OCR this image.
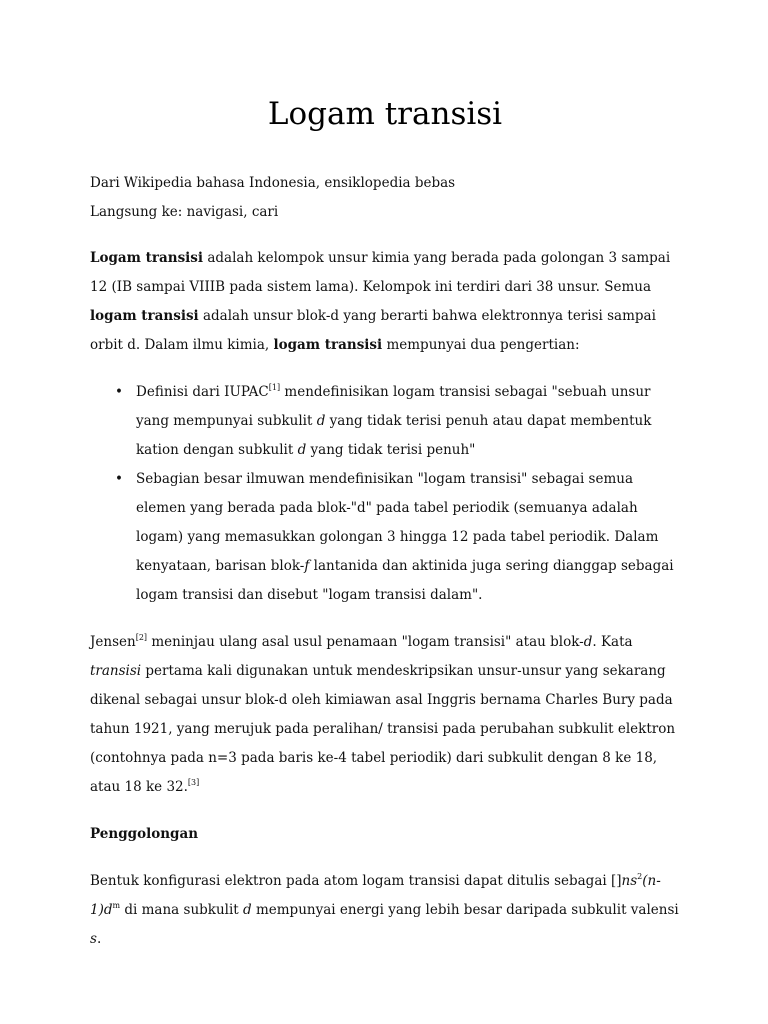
Logam transisi
Dari Wikipedia bahasa Indonesia, ensiklopedia bebas
Langsung ke: navigasi, cari

Logam transisi adalah kelompok unsur kimia yang berada pada golongan 3 sampai 12 (IB sampai VIIIB pada sistem lama). Kelompok ini terdiri dari 38 unsur. Semua logam transisi adalah unsur blok-d yang berarti bahwa elektronnya terisi sampai orbit d. Dalam ilmu kimia, logam transisi mempunyai dua pengertian:

• Definisi dari IUPAC[1] mendefinisikan logam transisi sebagai "sebuah unsur yang mempunyai subkulit d yang tidak terisi penuh atau dapat membentuk kation dengan subkulit d yang tidak terisi penuh"
• Sebagian besar ilmuwan mendefinisikan "logam transisi" sebagai semua elemen yang berada pada blok-"d" pada tabel periodik (semuanya adalah logam) yang memasukkan golongan 3 hingga 12 pada tabel periodik. Dalam kenyataan, barisan blok-f lantanida dan aktinida juga sering dianggap sebagai logam transisi dan disebut "logam transisi dalam".

Jensen[2] meninjau ulang asal usul penamaan "logam transisi" atau blok-d. Kata transisi pertama kali digunakan untuk mendeskripsikan unsur-unsur yang sekarang dikenal sebagai unsur blok-d oleh kimiawan asal Inggris bernama Charles Bury pada tahun 1921, yang merujuk pada peralihan/ transisi pada perubahan subkulit elektron (contohnya pada n=3 pada baris ke-4 tabel periodik) dari subkulit dengan 8 ke 18, atau 18 ke 32.[3]

Penggolongan

Bentuk konfigurasi elektron pada atom logam transisi dapat ditulis sebagai $[]ns^2(n-1)d^m$ di mana subkulit d mempunyai energi yang lebih besar daripada subkulit valensi s.
